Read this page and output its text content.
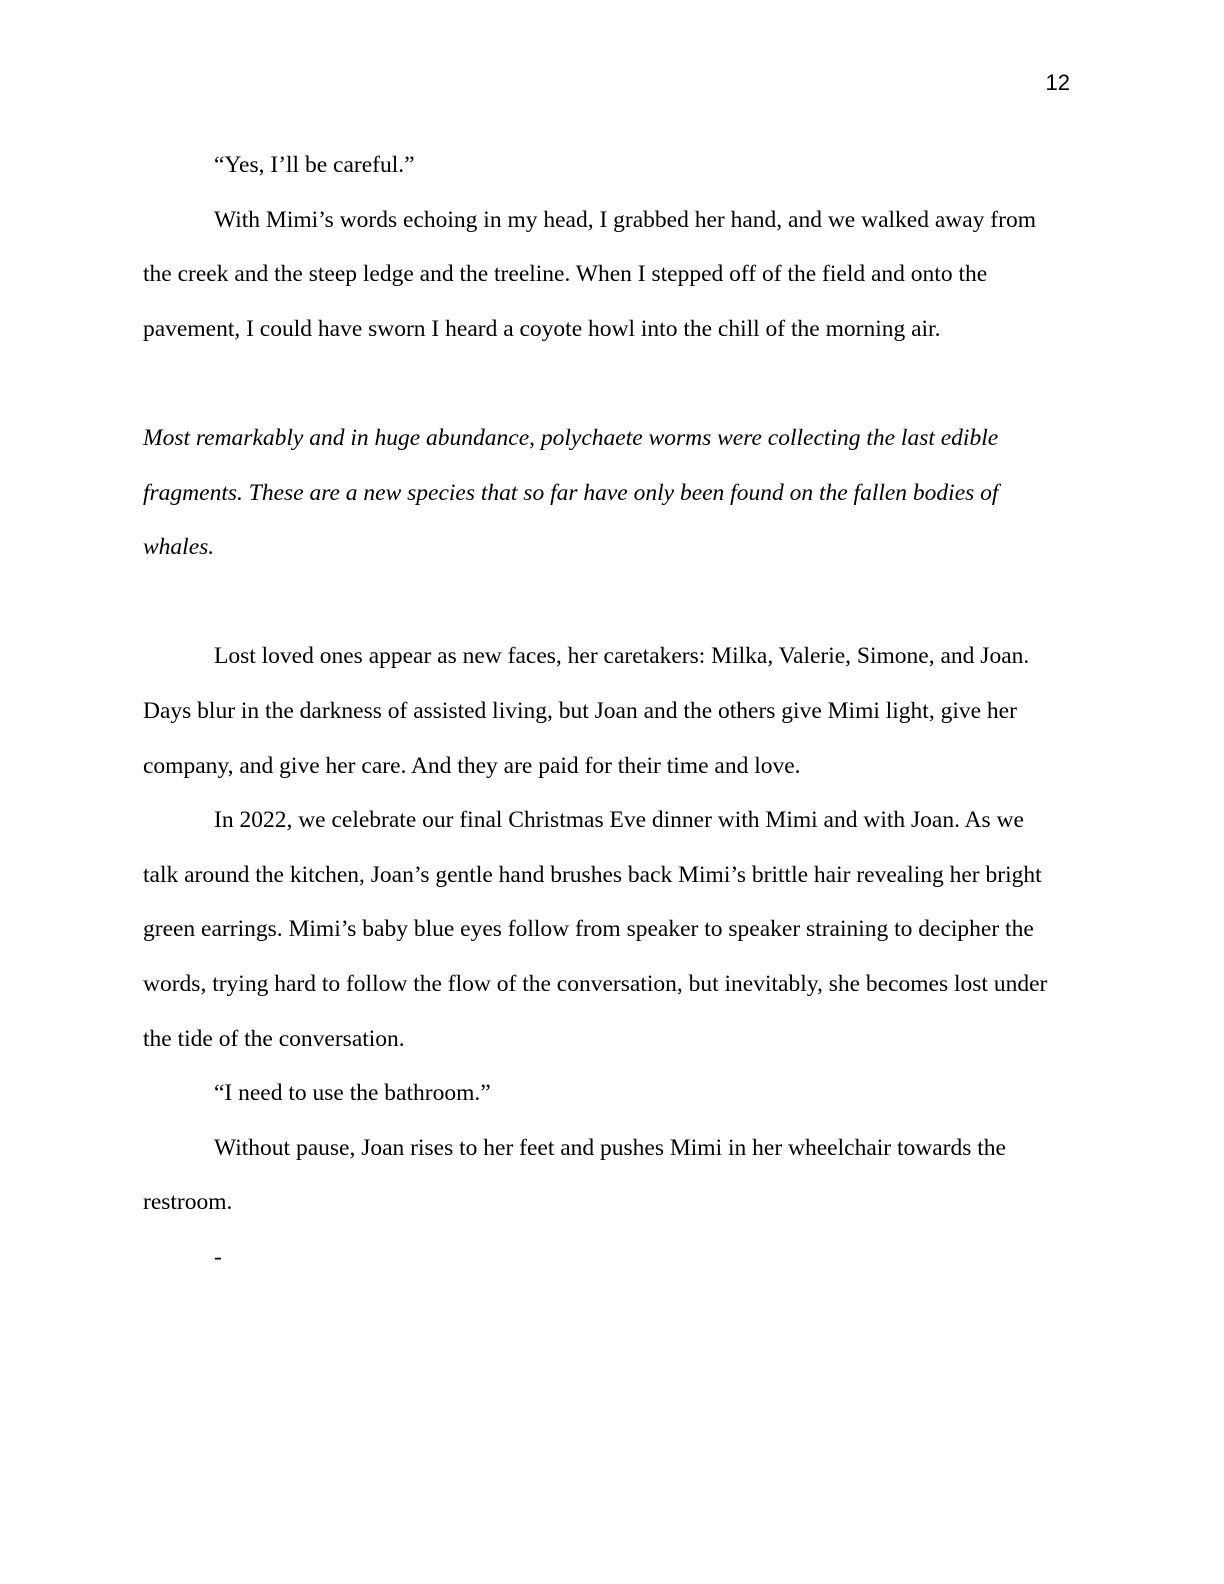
12

“Yes, I’ll be careful.”

With Mimi’s words echoing in my head, I grabbed her hand, and we walked away from

the creek and the steep ledge and the treeline. When I stepped off of the field and onto the

pavement, I could have sworn I heard a coyote howl into the chill of the morning air.

Most remarkably and in huge abundance, polychaete worms were collecting the last edible

fragments. These are a new species that so far have only been found on the fallen bodies of

whales.

Lost loved ones appear as new faces, her caretakers: Milka, Valerie, Simone, and Joan.

Days blur in the darkness of assisted living, but Joan and the others give Mimi light, give her

company, and give her care. And they are paid for their time and love.

In 2022, we celebrate our final Christmas Eve dinner with Mimi and with Joan. As we

talk around the kitchen, Joan’s gentle hand brushes back Mimi’s brittle hair revealing her bright

green earrings. Mimi’s baby blue eyes follow from speaker to speaker straining to decipher the

words, trying hard to follow the flow of the conversation, but inevitably, she becomes lost under

the tide of the conversation.

“I need to use the bathroom.”

Without pause, Joan rises to her feet and pushes Mimi in her wheelchair towards the

restroom.

-
